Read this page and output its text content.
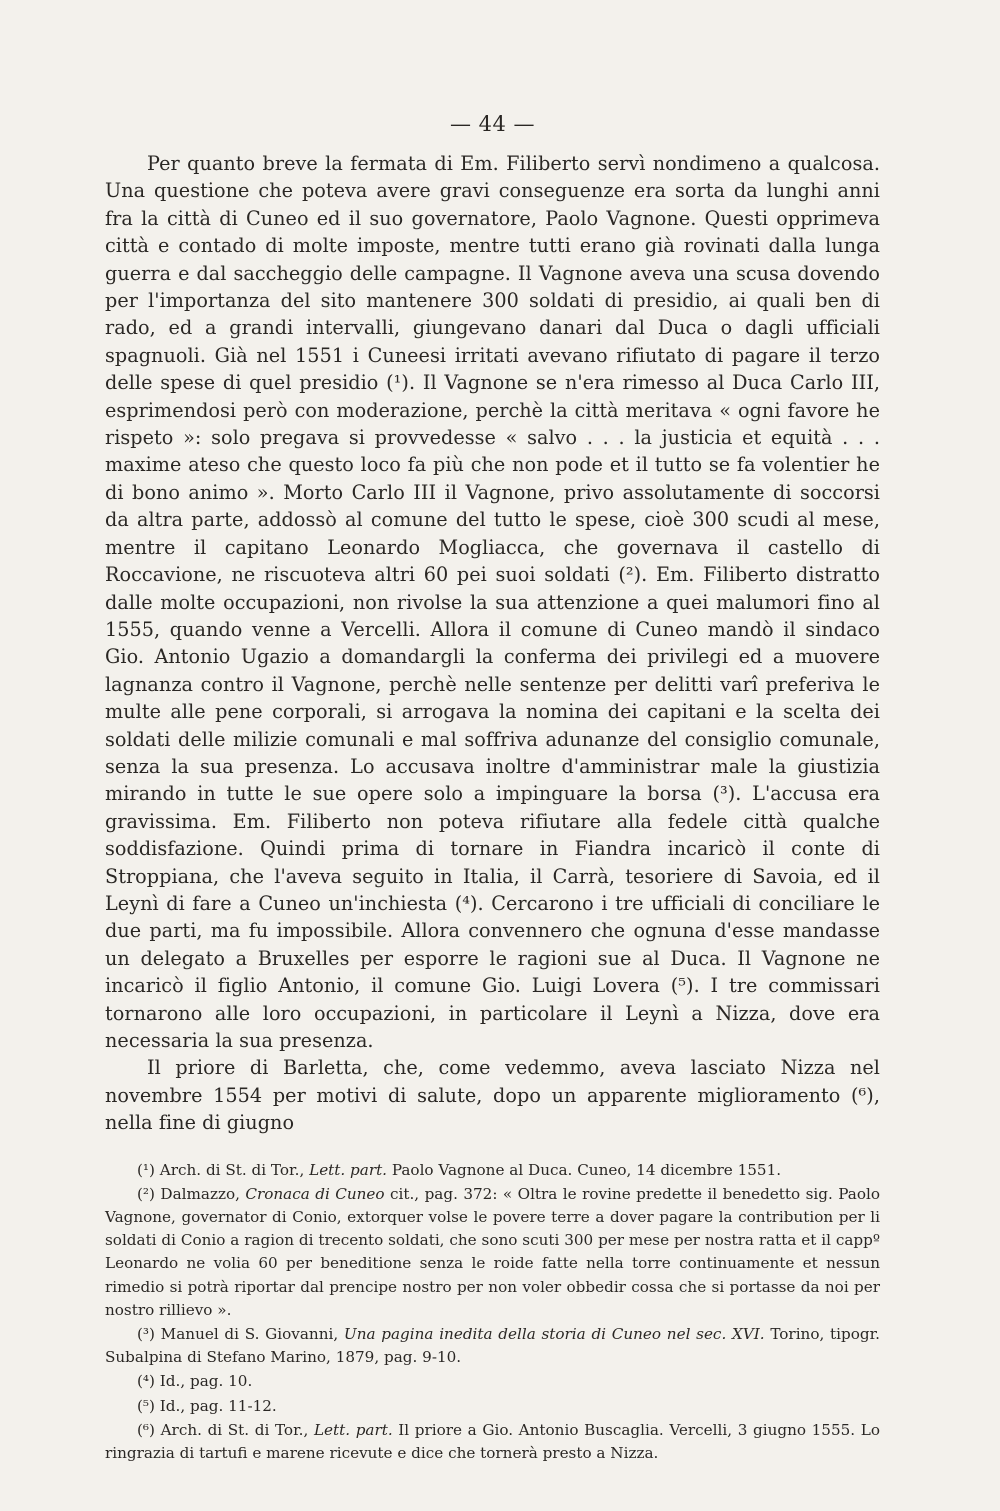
— 44 —

Per quanto breve la fermata di Em. Filiberto servì nondimeno a qualcosa. Una questione che poteva avere gravi conseguenze era sorta da lunghi anni fra la città di Cuneo ed il suo governatore, Paolo Vagnone. Questi opprimeva città e contado di molte imposte, mentre tutti erano già rovinati dalla lunga guerra e dal saccheggio delle campagne. Il Vagnone aveva una scusa dovendo per l'importanza del sito mantenere 300 soldati di presidio, ai quali ben di rado, ed a grandi intervalli, giungevano danari dal Duca o dagli ufficiali spagnuoli. Già nel 1551 i Cuneesi irritati avevano rifiutato di pagare il terzo delle spese di quel presidio (¹). Il Vagnone se n'era rimesso al Duca Carlo III, esprimendosi però con moderazione, perchè la città meritava « ogni favore he rispeto »: solo pregava si provvedesse « salvo . . . la justicia et equità . . . maxime ateso che questo loco fa più che non pode et il tutto se fa volentier he di bono animo ». Morto Carlo III il Vagnone, privo assolutamente di soccorsi da altra parte, addossò al comune del tutto le spese, cioè 300 scudi al mese, mentre il capitano Leonardo Mogliacca, che governava il castello di Roccavione, ne riscuoteva altri 60 pei suoi soldati (²). Em. Filiberto distratto dalle molte occupazioni, non rivolse la sua attenzione a quei malumori fino al 1555, quando venne a Vercelli. Allora il comune di Cuneo mandò il sindaco Gio. Antonio Ugazio a domandargli la conferma dei privilegi ed a muovere lagnanza contro il Vagnone, perchè nelle sentenze per delitti varî preferiva le multe alle pene corporali, si arrogava la nomina dei capitani e la scelta dei soldati delle milizie comunali e mal soffriva adunanze del consiglio comunale, senza la sua presenza. Lo accusava inoltre d'amministrar male la giustizia mirando in tutte le sue opere solo a impinguare la borsa (³). L'accusa era gravissima. Em. Filiberto non poteva rifiutare alla fedele città qualche soddisfazione. Quindi prima di tornare in Fiandra incaricò il conte di Stroppiana, che l'aveva seguito in Italia, il Carrà, tesoriere di Savoia, ed il Leynì di fare a Cuneo un'inchiesta (⁴). Cercarono i tre ufficiali di conciliare le due parti, ma fu impossibile. Allora convennero che ognuna d'esse mandasse un delegato a Bruxelles per esporre le ragioni sue al Duca. Il Vagnone ne incaricò il figlio Antonio, il comune Gio. Luigi Lovera (⁵). I tre commissari tornarono alle loro occupazioni, in particolare il Leynì a Nizza, dove era necessaria la sua presenza.

Il priore di Barletta, che, come vedemmo, aveva lasciato Nizza nel novembre 1554 per motivi di salute, dopo un apparente miglioramento (⁶), nella fine di giugno

(¹) Arch. di St. di Tor., Lett. part. Paolo Vagnone al Duca. Cuneo, 14 dicembre 1551.

(²) Dalmazzo, Cronaca di Cuneo cit., pag. 372: « Oltra le rovine predette il benedetto sig. Paolo Vagnone, governator di Conio, extorquer volse le povere terre a dover pagare la contribution per li soldati di Conio a ragion di trecento soldati, che sono scuti 300 per mese per nostra ratta et il cappº Leonardo ne volia 60 per beneditione senza le roide fatte nella torre continuamente et nessun rimedio si potrà riportar dal prencipe nostro per non voler obbedir cossa che si portasse da noi per nostro rillievo ».

(³) Manuel di S. Giovanni, Una pagina inedita della storia di Cuneo nel sec. XVI. Torino, tipogr. Subalpina di Stefano Marino, 1879, pag. 9-10.

(⁴) Id., pag. 10.

(⁵) Id., pag. 11-12.

(⁶) Arch. di St. di Tor., Lett. part. Il priore a Gio. Antonio Buscaglia. Vercelli, 3 giugno 1555. Lo ringrazia di tartufi e marene ricevute e dice che tornerà presto a Nizza.
